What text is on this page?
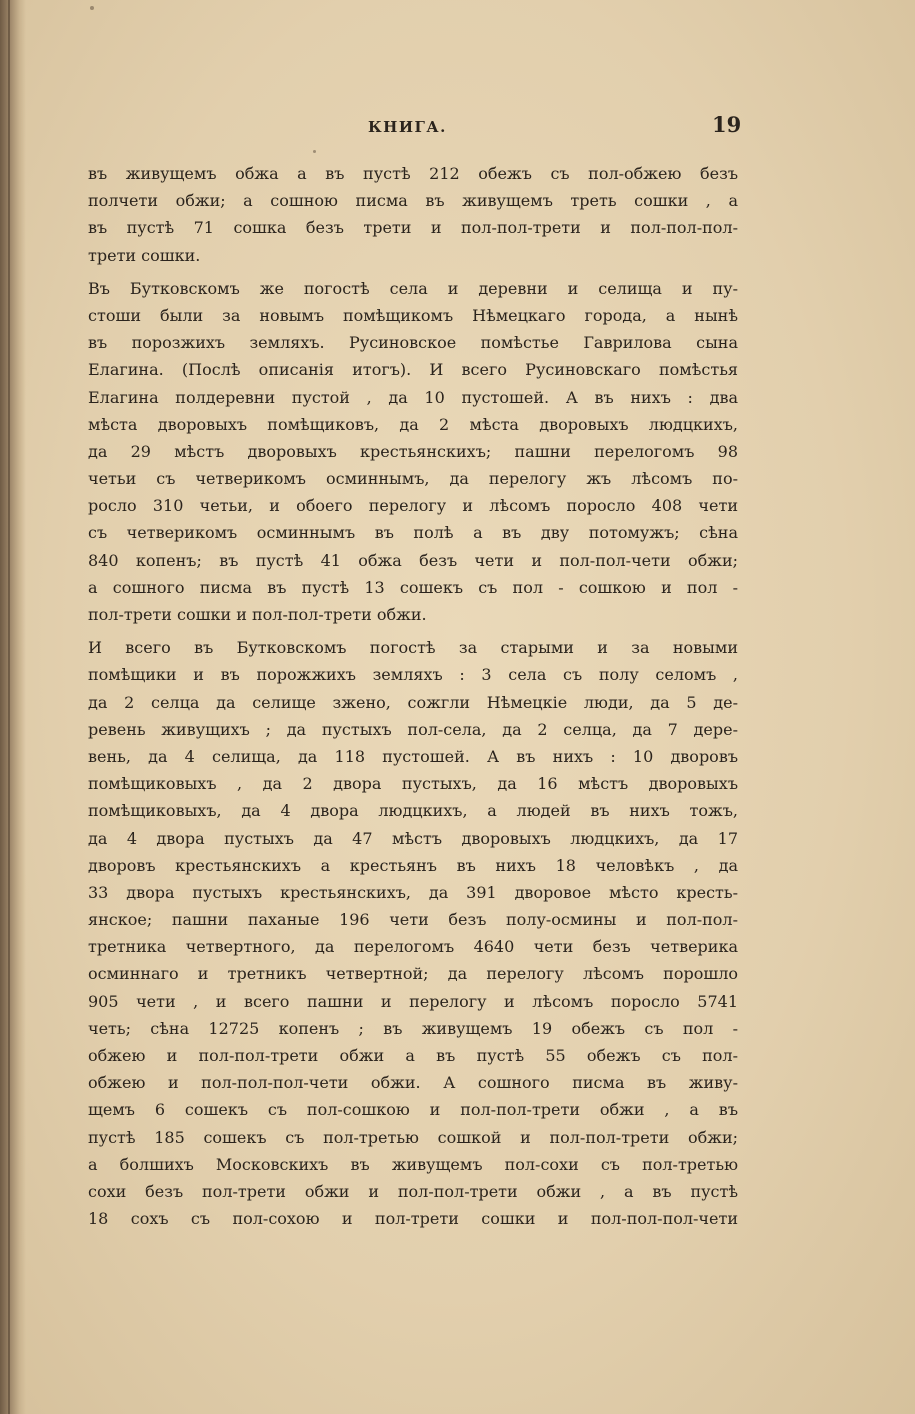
КНИГА.	19
въ живущемъ обжа а въ пустѣ 212 обежъ съ пол-обжею безъ
полчети обжи; а сошною писма въ живущемъ треть сошки , а
въ пустѣ 71 сошка безъ трети и пол-пол-трети и пол-пол-пол-
трети сошки.
Въ Бутковскомъ же погостѣ села и деревни и селища и пу-
стоши были за новымъ помѣщикомъ Нѣмецкаго города, а нынѣ
въ порозжихъ земляхъ. Русиновское помѣстье Гаврилова сына
Елагина. (Послѣ описанія итогъ). И всего Русиновскаго помѣстья
Елагина полдеревни пустой , да 10 пустошей. А въ нихъ : два
мѣста дворовыхъ помѣщиковъ, да 2 мѣста дворовыхъ людцкихъ,
да 29 мѣстъ дворовыхъ крестьянскихъ; пашни перелогомъ 98
четьи съ четверикомъ осминнымъ, да перелогу жъ лѣсомъ по-
росло 310 четьи, и обоего перелогу и лѣсомъ поросло 408 чети
съ четверикомъ осминнымъ въ полѣ а въ дву потомужъ; сѣна
840 копенъ; въ пустѣ 41 обжа безъ чети и пол-пол-чети обжи;
а сошного писма въ пустѣ 13 сошекъ съ пол - сошкою и пол -
пол-трети сошки и пол-пол-трети обжи.
И всего въ Бутковскомъ погостѣ за старыми и за новыми
помѣщики и въ порожжихъ земляхъ : 3 села съ полу селомъ ,
да 2 селца да селище зжено, сожгли Нѣмецкіе люди, да 5 де-
ревень живущихъ ; да пустыхъ пол-села, да 2 селца, да 7 дере-
вень, да 4 селища, да 118 пустошей. А въ нихъ : 10 дворовъ
помѣщиковыхъ , да 2 двора пустыхъ, да 16 мѣстъ дворовыхъ
помѣщиковыхъ, да 4 двора людцкихъ, а людей въ нихъ тожъ,
да 4 двора пустыхъ да 47 мѣстъ дворовыхъ людцкихъ, да 17
дворовъ крестьянскихъ а крестьянъ въ нихъ 18 человѣкъ , да
33 двора пустыхъ крестьянскихъ, да 391 дворовое мѣсто кресть-
янское; пашни паханые 196 чети безъ полу-осмины и пол-пол-
третника четвертного, да перелогомъ 4640 чети безъ четверика
осминнаго и третникъ четвертной; да перелогу лѣсомъ порошло
905 чети , и всего пашни и перелогу и лѣсомъ поросло 5741
четь; сѣна 12725 копенъ ; въ живущемъ 19 обежъ съ пол -
обжею и пол-пол-трети обжи а въ пустѣ 55 обежъ съ пол-
обжею и пол-пол-пол-чети обжи. А сошного писма въ живу-
щемъ 6 сошекъ съ пол-сошкою и пол-пол-трети обжи , а въ
пустѣ 185 сошекъ съ пол-третью сошкой и пол-пол-трети обжи;
а болшихъ Московскихъ въ живущемъ пол-сохи съ пол-третью
сохи безъ пол-трети обжи и пол-пол-трети обжи , а въ пустѣ
18 сохъ съ пол-сохою и пол-трети сошки и пол-пол-пол-чети
